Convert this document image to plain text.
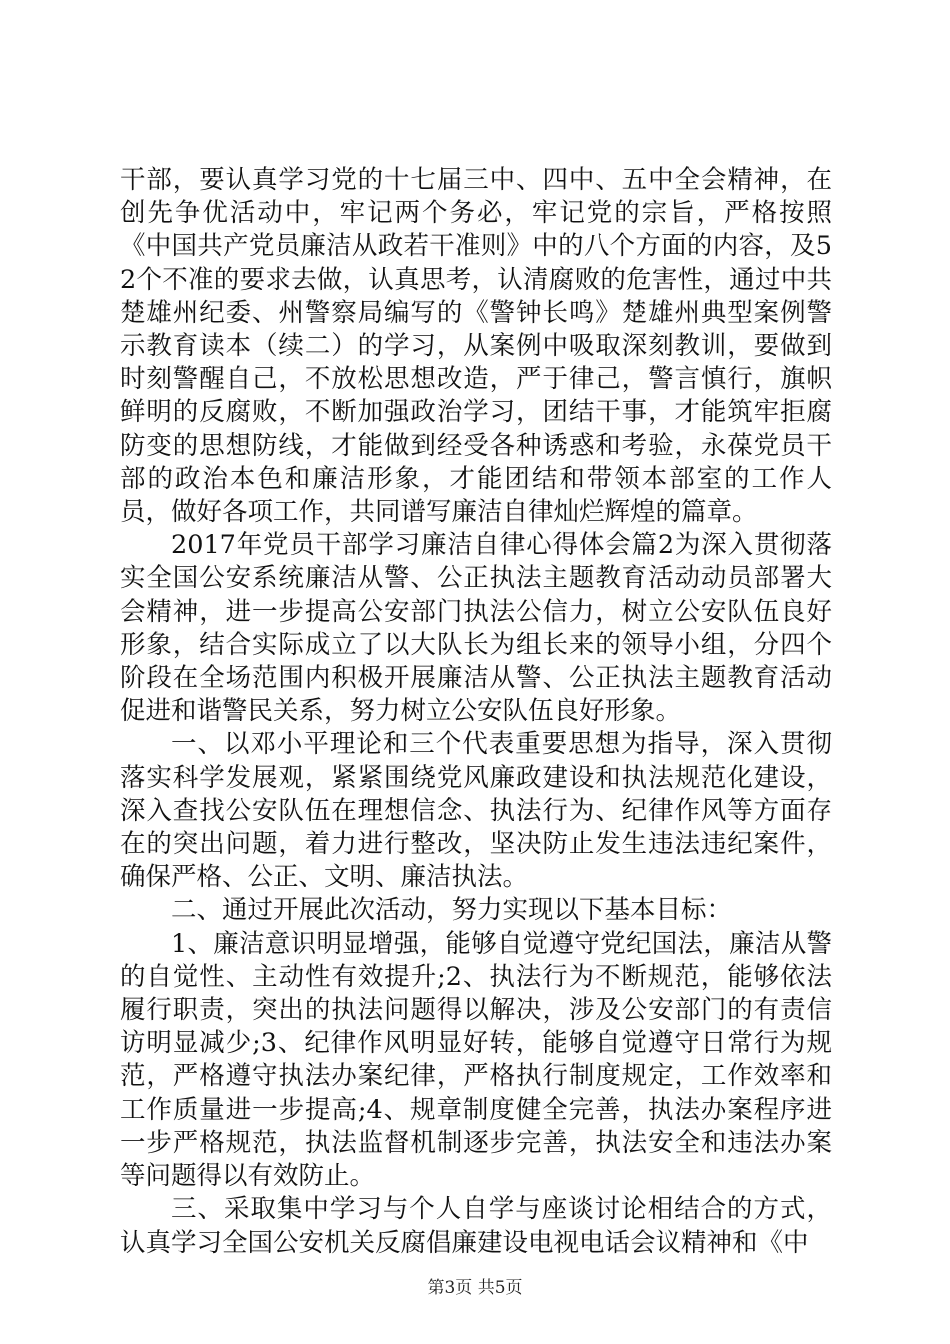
干部，要认真学习党的十七届三中、四中、五中全会精神，在创先争优活动中，牢记两个务必，牢记党的宗旨，严格按照《中国共产党员廉洁从政若干准则》中的八个方面的内容，及52个不准的要求去做，认真思考，认清腐败的危害性，通过中共楚雄州纪委、州警察局编写的《警钟长鸣》楚雄州典型案例警示教育读本（续二）的学习，从案例中吸取深刻教训，要做到时刻警醒自己，不放松思想改造，严于律己，警言慎行，旗帜鲜明的反腐败，不断加强政治学习，团结干事，才能筑牢拒腐防变的思想防线，才能做到经受各种诱惑和考验，永葆党员干部的政治本色和廉洁形象，才能团结和带领本部室的工作人员，做好各项工作，共同谱写廉洁自律灿烂辉煌的篇章。

2017年党员干部学习廉洁自律心得体会篇2为深入贯彻落实全国公安系统廉洁从警、公正执法主题教育活动动员部署大会精神，进一步提高公安部门执法公信力，树立公安队伍良好形象，结合实际成立了以大队长为组长来的领导小组，分四个阶段在全场范围内积极开展廉洁从警、公正执法主题教育活动促进和谐警民关系，努力树立公安队伍良好形象。

一、以邓小平理论和三个代表重要思想为指导，深入贯彻落实科学发展观，紧紧围绕党风廉政建设和执法规范化建设，深入查找公安队伍在理想信念、执法行为、纪律作风等方面存在的突出问题，着力进行整改，坚决防止发生违法违纪案件，确保严格、公正、文明、廉洁执法。

二、通过开展此次活动，努力实现以下基本目标：

1、廉洁意识明显增强，能够自觉遵守党纪国法，廉洁从警的自觉性、主动性有效提升;2、执法行为不断规范，能够依法履行职责，突出的执法问题得以解决，涉及公安部门的有责信访明显减少;3、纪律作风明显好转，能够自觉遵守日常行为规范，严格遵守执法办案纪律，严格执行制度规定，工作效率和工作质量进一步提高;4、规章制度健全完善，执法办案程序进一步严格规范，执法监督机制逐步完善，执法安全和违法办案等问题得以有效防止。

三、采取集中学习与个人自学与座谈讨论相结合的方式，认真学习全国公安机关反腐倡廉建设电视电话会议精神和《中

第3页 共5页
